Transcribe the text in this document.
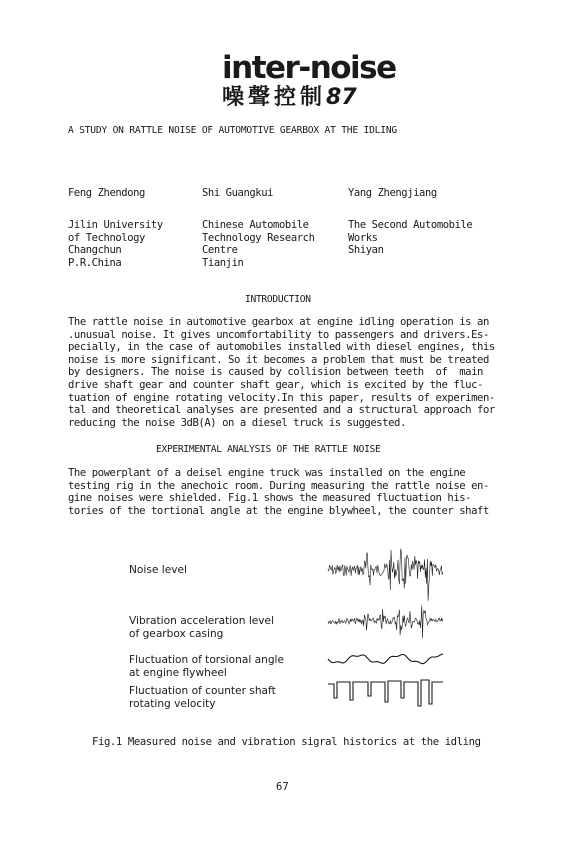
inter-noise
噪聲控制87
A STUDY ON RATTLE NOISE OF AUTOMOTIVE GEARBOX AT THE IDLING
Feng Zhendong	Shi Guangkui	Yang Zhengjiang
Jilin University
of Technology
Changchun
P.R.China
Chinese Automobile
Technology Research
Centre
Tianjin
The Second Automobile
Works
Shiyan
INTRODUCTION
The rattle noise in automotive gearbox at engine idling operation is an
.unusual noise. It gives uncomfortability to passengers and drivers.Es-
pecially, in the case of automobiles installed with diesel engines, this
noise is more significant. So it becomes a problem that must be treated
by designers. The noise is caused by collision between teeth  of  main
drive shaft gear and counter shaft gear, which is excited by the fluc-
tuation of engine rotating velocity.In this paper, results of experimen-
tal and theoretical analyses are presented and a structural approach for
reducing the noise 3dB(A) on a diesel truck is suggested.
EXPERIMENTAL ANALYSIS OF THE RATTLE NOISE
The powerplant of a deisel engine truck was installed on the engine
testing rig in the anechoic room. During measuring the rattle noise en-
gine noises were shielded. Fig.1 shows the measured fluctuation his-
tories of the tortional angle at the engine blywheel, the counter shaft
Noise level
Vibration acceleration level
of gearbox casing
Fluctuation of torsional angle
at engine flywheel
Fluctuation of counter shaft
rotating velocity
Fig.1 Measured noise and vibration sigral historics at the idling
67
